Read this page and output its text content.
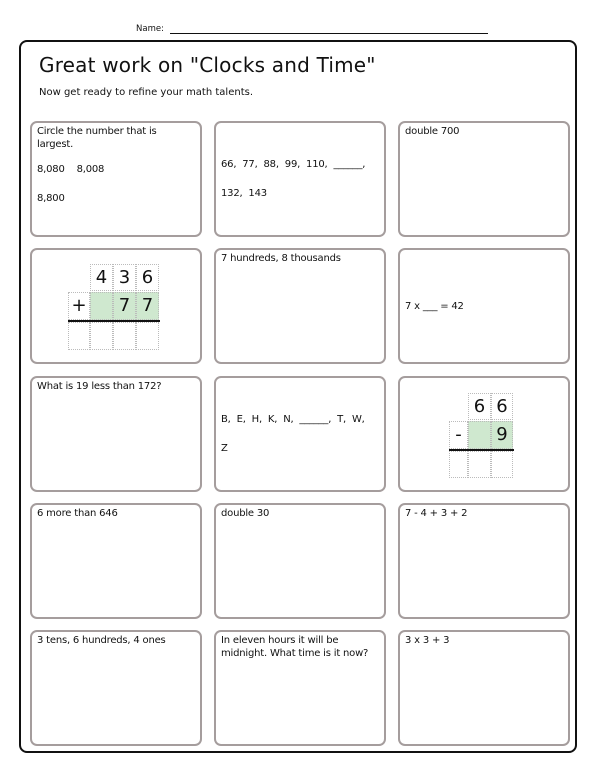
Name:
Great work on "Clocks and Time"
Now get ready to refine your math talents.

Circle the number that is largest.

8,080 8,008

8,800

66,  77,  88,  99,  110,  ______,

132,  143

double 700

4 3 6
+	7 7

7 hundreds, 8 thousands

7 x ___ = 42

What is 19 less than 172?

B,  E,  H,  K,  N,  ______,  T,  W,

Z

6 6
-	9

6 more than 646	double 30	7 - 4 + 3 + 2

3 tens, 6 hundreds, 4 ones	In eleven hours it will be midnight. What time is it now?

3 x 3 + 3
